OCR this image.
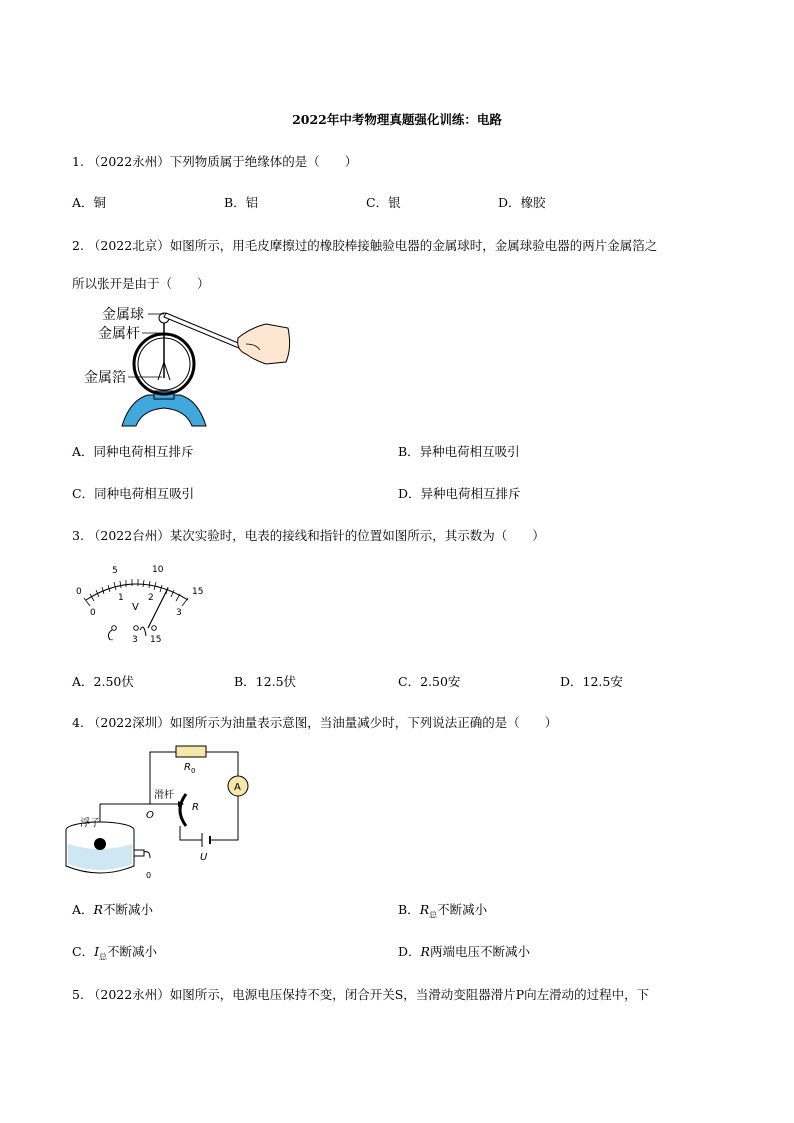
2022年中考物理真题强化训练：电路
1. （2022永州）下列物质属于绝缘体的是（　　）
A．铜	B．铝	C．银	D．橡胶
2. （2022北京）如图所示，用毛皮摩擦过的橡胶棒接触验电器的金属球时，金属球验电器的两片金属箔之
所以张开是由于（　　）
金属球
金属杆
金属箔
A．同种电荷相互排斥	B．异种电荷相互吸引
C．同种电荷相互吸引	D．异种电荷相互排斥
3. （2022台州）某次实验时，电表的接线和指针的位置如图所示，其示数为（　　）
0
5	10
15
0
1	2
3
V
- 3 15
A．2.50伏	B．12.5伏	C．2.50安	D．12.5安
4. （2022深圳）如图所示为油量表示意图，当油量减少时，下列说法正确的是（　　）
R 0
A
U
R
滑杆
O
浮子
0
A．R不断减小	B．$R_总$不断减小
C．$I_总$不断减小	D．R两端电压不断减小
5. （2022永州）如图所示，电源电压保持不变，闭合开关S，当滑动变阻器滑片P向左滑动的过程中，下
